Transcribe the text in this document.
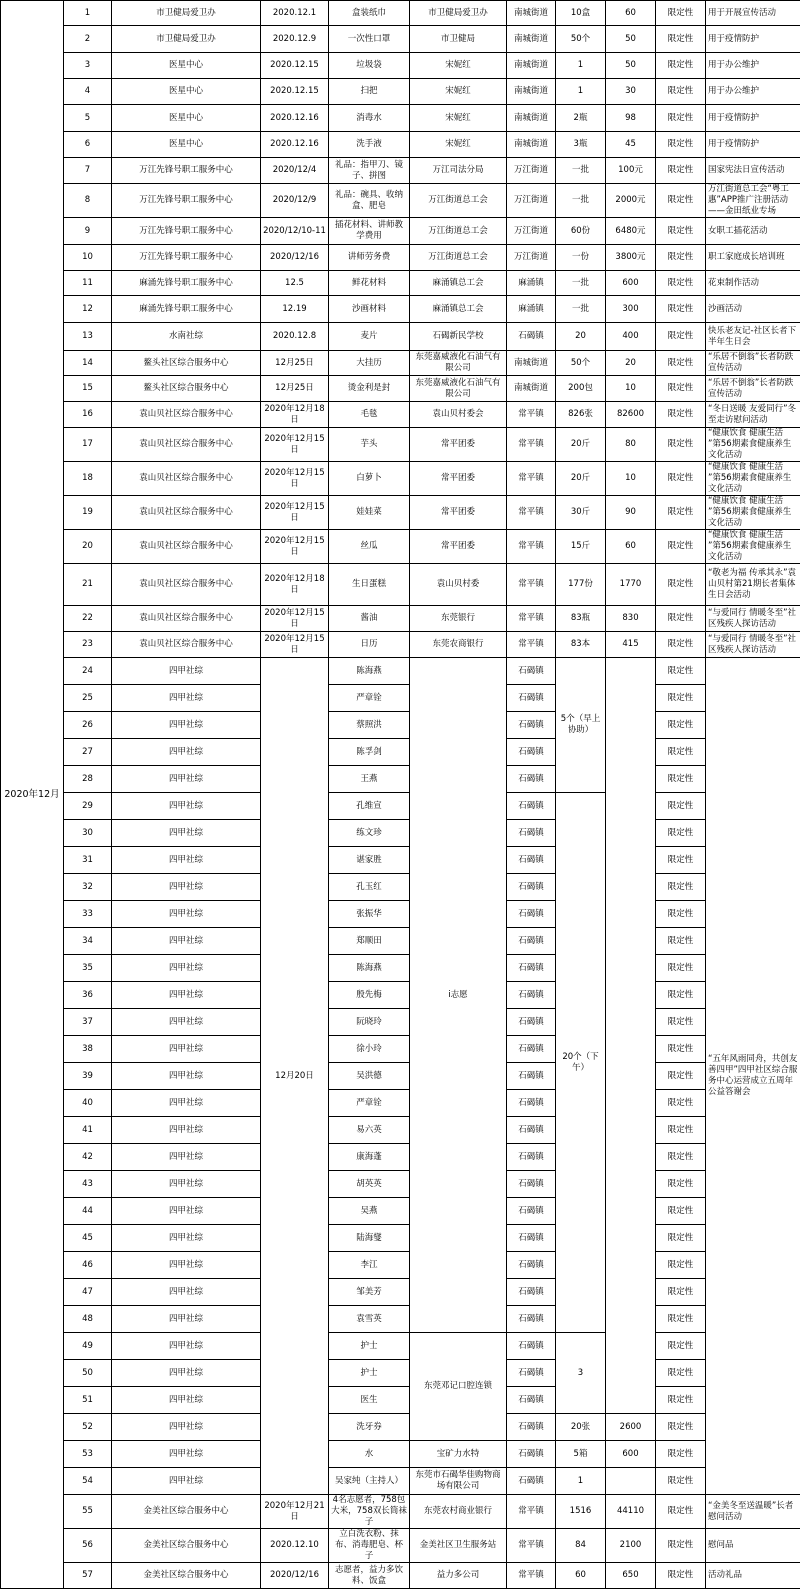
2020年12月	1	市卫健局爱卫办	2020.12.1	盒装纸巾	市卫健局爱卫办	南城街道	10盒	60	限定性	用于开展宣传活动
	2	市卫健局爱卫办	2020.12.9	一次性口罩	市卫健局	南城街道	50个	50	限定性	用于疫情防护
	3	医星中心	2020.12.15	垃圾袋	宋妮红	南城街道	1	50	限定性	用于办公维护
	4	医星中心	2020.12.15	扫把	宋妮红	南城街道	1	30	限定性	用于办公维护
	5	医星中心	2020.12.16	消毒水	宋妮红	南城街道	2瓶	98	限定性	用于疫情防护
	6	医星中心	2020.12.16	洗手液	宋妮红	南城街道	3瓶	45	限定性	用于疫情防护
	7	万江先锋号职工服务中心	2020/12/4	礼品：指甲刀、镜子、拼图	万江司法分局	万江街道	一批	100元	限定性	国家宪法日宣传活动
	8	万江先锋号职工服务中心	2020/12/9	礼品：碗具、收纳盒、肥皂	万江街道总工会	万江街道	一批	2000元	限定性	万江街道总工会“粤工惠”APP推广注册活动——金田纸业专场
	9	万江先锋号职工服务中心	2020/12/10-11	插花材料、讲师教学费用	万江街道总工会	万江街道	60份	6480元	限定性	女职工插花活动
	10	万江先锋号职工服务中心	2020/12/16	讲师劳务费	万江街道总工会	万江街道	一份	3800元	限定性	职工家庭成长培训班
	11	麻涌先锋号职工服务中心	12.5	鲜花材料	麻涌镇总工会	麻涌镇	一批	600	限定性	花束制作活动
	12	麻涌先锋号职工服务中心	12.19	沙画材料	麻涌镇总工会	麻涌镇	一批	300	限定性	沙画活动
	13	水南社综	2020.12.8	麦片	石碣新民学校	石碣镇	20	400	限定性	快乐老友记-社区长者下半年生日会
	14	鳌头社区综合服务中心	12月25日	大挂历	东莞嘉威液化石油气有限公司	南城街道	50个	20	限定性	“乐居不倒翁”长者防跌宣传活动
	15	鳌头社区综合服务中心	12月25日	烫金利是封	东莞嘉威液化石油气有限公司	南城街道	200包	10	限定性	“乐居不倒翁”长者防跌宣传活动
	16	袁山贝社区综合服务中心	2020年12月18日	毛毯	袁山贝村委会	常平镇	826张	82600	限定性	“冬日送暖 友爱同行”冬至走访慰问活动
	17	袁山贝社区综合服务中心	2020年12月15日	芋头	常平团委	常平镇	20斤	80	限定性	“健康饮食 健康生活 ”第56期素食健康养生文化活动
	18	袁山贝社区综合服务中心	2020年12月15日	白萝卜	常平团委	常平镇	20斤	10	限定性	“健康饮食 健康生活 ”第56期素食健康养生文化活动
	19	袁山贝社区综合服务中心	2020年12月15日	娃娃菜	常平团委	常平镇	30斤	90	限定性	“健康饮食 健康生活 ”第56期素食健康养生文化活动
	20	袁山贝社区综合服务中心	2020年12月15日	丝瓜	常平团委	常平镇	15斤	60	限定性	“健康饮食 健康生活 ”第56期素食健康养生文化活动
	21	袁山贝社区综合服务中心	2020年12月18日	生日蛋糕	袁山贝村委	常平镇	177份	1770	限定性	“敬老为福 传承其永”袁山贝村第21期长者集体生日会活动
	22	袁山贝社区综合服务中心	2020年12月15日	酱油	东莞银行	常平镇	83瓶	830	限定性	“与爱同行 情暖冬至”社区残疾人探访活动
	23	袁山贝社区综合服务中心	2020年12月15日	日历	东莞农商银行	常平镇	83本	415	限定性	“与爱同行 情暖冬至”社区残疾人探访活动
	24	四甲社综	12月20日	陈海燕	i志愿	石碣镇	5个（早上协助）		限定性	“五年风雨同舟，共创友善四甲”四甲社区综合服务中心运营成立五周年公益答谢会
	25	四甲社综		严章铨		石碣镇			限定性	
	26	四甲社综		蔡照洪		石碣镇			限定性	
	27	四甲社综		陈孚剑		石碣镇			限定性	
	28	四甲社综		王燕		石碣镇			限定性	
	29	四甲社综		孔维宣		石碣镇	20个（下午）		限定性	
	30	四甲社综		练文珍		石碣镇			限定性	
	31	四甲社综		谌家胜		石碣镇			限定性	
	32	四甲社综		孔玉红		石碣镇			限定性	
	33	四甲社综		张振华		石碣镇			限定性	
	34	四甲社综		郑顺田		石碣镇			限定性	
	35	四甲社综		陈海燕		石碣镇			限定性	
	36	四甲社综		殷先梅		石碣镇			限定性	
	37	四甲社综		阮晓玲		石碣镇			限定性	
	38	四甲社综		徐小玲		石碣镇			限定性	
	39	四甲社综		吴洪德		石碣镇			限定性	
	40	四甲社综		严章铨		石碣镇			限定性	
	41	四甲社综		易六英		石碣镇			限定性	
	42	四甲社综		康海蓬		石碣镇			限定性	
	43	四甲社综		胡英英		石碣镇			限定性	
	44	四甲社综		吴燕		石碣镇			限定性	
	45	四甲社综		陆海燮		石碣镇			限定性	
	46	四甲社综		李江		石碣镇			限定性	
	47	四甲社综		邹美芳		石碣镇			限定性	
	48	四甲社综		袁雪英		石碣镇			限定性	
	49	四甲社综		护士	东莞邓记口腔连锁	石碣镇	3		限定性	
	50	四甲社综		护士		石碣镇			限定性	
	51	四甲社综		医生		石碣镇			限定性	
	52	四甲社综		洗牙券		石碣镇	20张	2600	限定性	
	53	四甲社综		水	宝矿力水特	石碣镇	5箱	600	限定性	
	54	四甲社综		吴家纯（主持人）	东莞市石碣华佳购物商场有限公司	石碣镇	1		限定性	
	55	金美社区综合服务中心	2020年12月21日	4名志愿者，758包大米，758双长筒袜子	东莞农村商业银行	常平镇	1516	44110	限定性	“金美冬至送温暖”长者慰问活动
	56	金美社区综合服务中心	2020.12.10	立白洗衣粉、抹布、消毒肥皂、杯子	金美社区卫生服务站	常平镇	84	2100	限定性	慰问品
	57	金美社区综合服务中心	2020/12/16	志愿者，益力多饮料、饭盒	益力多公司	常平镇	60	650	限定性	活动礼品
